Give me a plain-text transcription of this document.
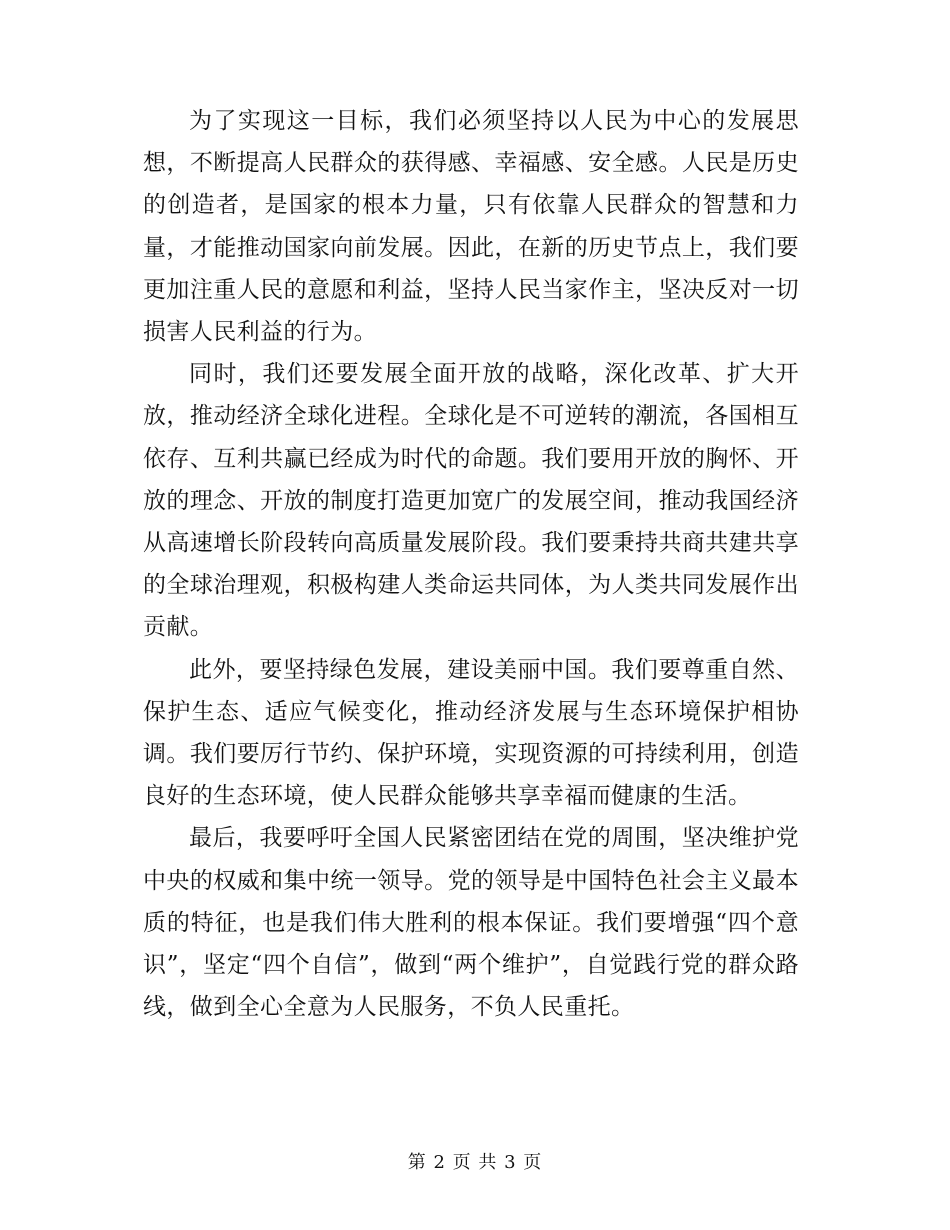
为了实现这一目标，我们必须坚持以人民为中心的发展思想，不断提高人民群众的获得感、幸福感、安全感。人民是历史的创造者，是国家的根本力量，只有依靠人民群众的智慧和力量，才能推动国家向前发展。因此，在新的历史节点上，我们要更加注重人民的意愿和利益，坚持人民当家作主，坚决反对一切损害人民利益的行为。

同时，我们还要发展全面开放的战略，深化改革、扩大开放，推动经济全球化进程。全球化是不可逆转的潮流，各国相互依存、互利共赢已经成为时代的命题。我们要用开放的胸怀、开放的理念、开放的制度打造更加宽广的发展空间，推动我国经济从高速增长阶段转向高质量发展阶段。我们要秉持共商共建共享的全球治理观，积极构建人类命运共同体，为人类共同发展作出贡献。

此外，要坚持绿色发展，建设美丽中国。我们要尊重自然、保护生态、适应气候变化，推动经济发展与生态环境保护相协调。我们要厉行节约、保护环境，实现资源的可持续利用，创造良好的生态环境，使人民群众能够共享幸福而健康的生活。

最后，我要呼吁全国人民紧密团结在党的周围，坚决维护党中央的权威和集中统一领导。党的领导是中国特色社会主义最本质的特征，也是我们伟大胜利的根本保证。我们要增强“四个意识”，坚定“四个自信”，做到“两个维护”，自觉践行党的群众路线，做到全心全意为人民服务，不负人民重托。

第 2 页 共 3 页
